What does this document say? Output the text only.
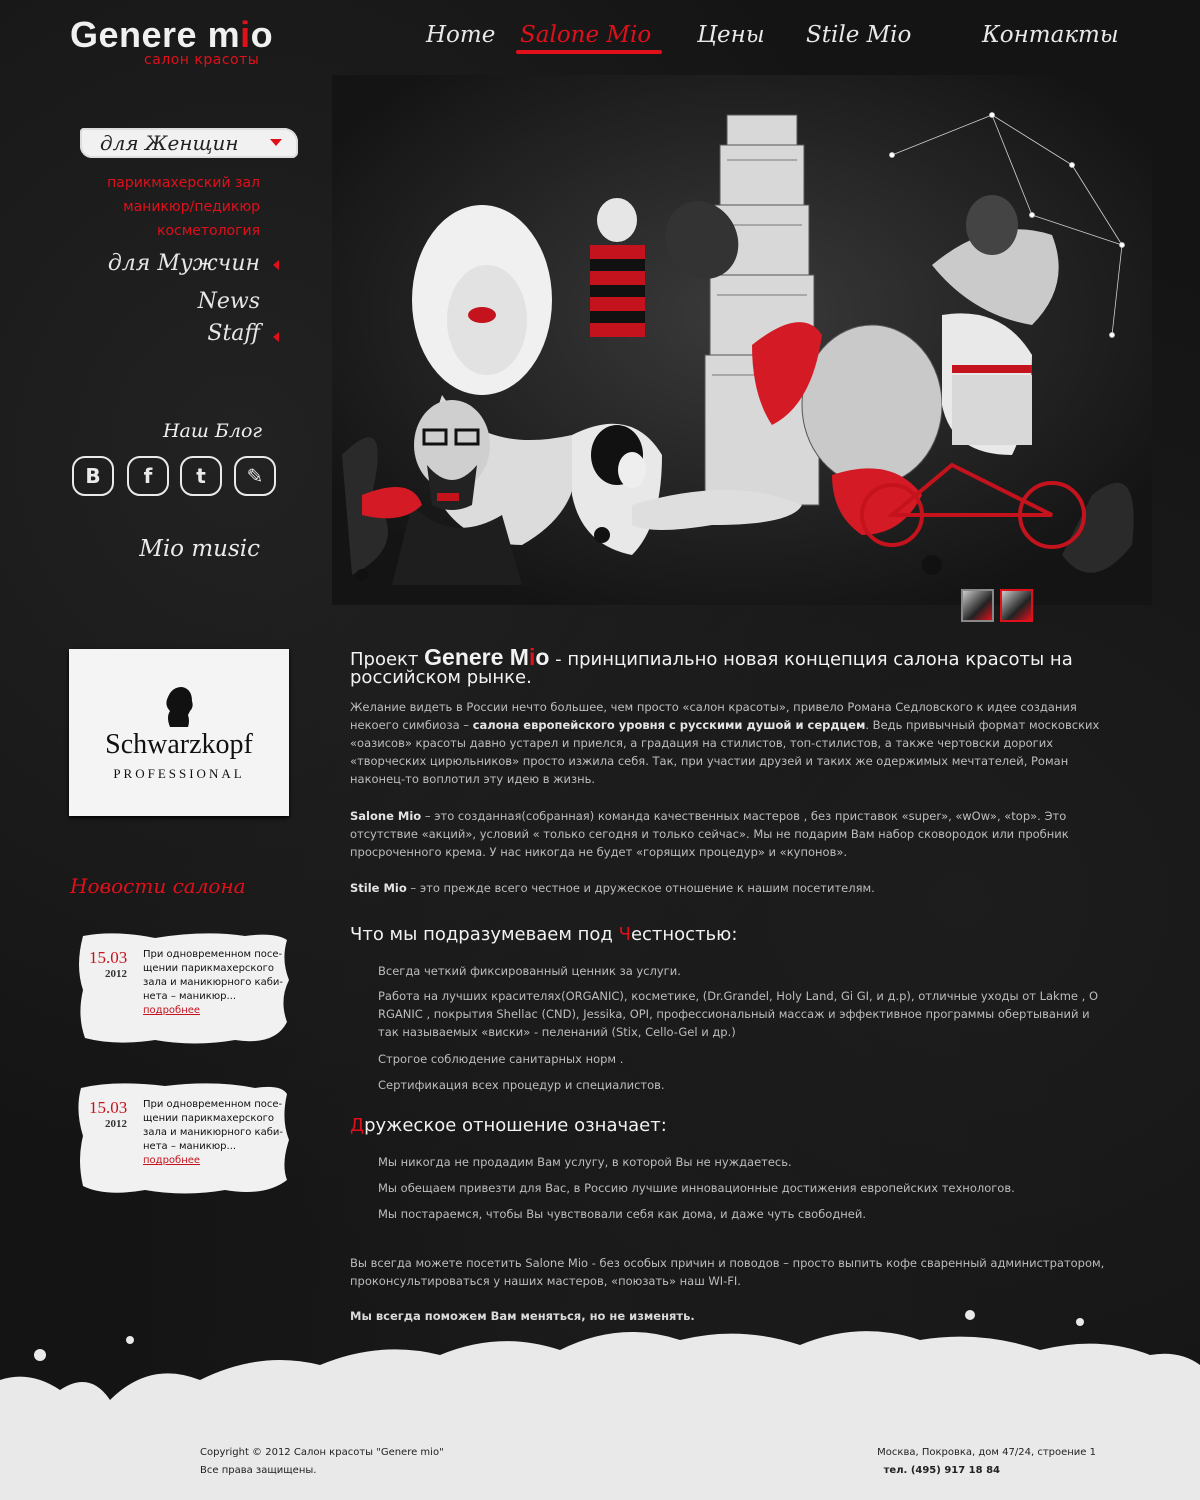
Generе mio
салон красоты
Home Salone Mio Цены Stile Mio	Контакты
для Женщин
парикмахерский зал
маникюр/педикюр
косметология
для Мужчин
News
Staff
Наш Блог
B	f	t	✎
Mio music
Schwarzkopf
PROFESSIONAL
Новости салона
15.03
2012
При одновременном посе-щении парикмахерского зала и маникюрного каби-нета – маникюр...
подробнее
15.03
2012
При одновременном посе-щении парикмахерского зала и маникюрного каби-нета – маникюр...
подробнее
Проект Genere Mio - принципиально новая концепция салона красоты на российском рынке.
Желание видеть в России нечто большее, чем просто «салон красоты», привело Романа Седловского к идее создания некоего симбиоза – салона европейского уровня с русскими душой и сердцем. Ведь привычный формат московских «оазисов» красоты давно устарел и приелся, а градация на стилистов, топ-стилистов, а также чертовски дорогих «творческих цирюльников» просто изжила себя. Так, при участии друзей и таких же одержимых мечтателей, Роман наконец-то воплотил эту идею в жизнь.
Salone Mio – это созданная(собранная) команда качественных мастеров , без приставок «super», «wOw», «top». Это отсутствие «акций», условий « только сегодня и только сейчас». Мы не подарим Вам набор сковородок или пробник просроченного крема. У нас никогда не будет «горящих процедур» и «купонов».
Stile Mio – это прежде всего честное и дружеское отношение к нашим посетителям.
Что мы подразумеваем под Честностью:
Всегда четкий фиксированный ценник за услуги.
Работа на лучших красителях(ORGANIC), косметике, (Dr.Grandel, Holy Land, Gi GI, и д.р), отличные уходы от Lakme , O RGANIC , покрытия Shellac (CND), Jessika, OPI, профессиональный массаж и эффективное программы обертываний и так называемых «виски» - пеленаний (Stix, Cello-Gel и др.)
Строгое соблюдение санитарных норм .
Сертификация всех процедур и специалистов.
Дружеское отношение означает:
Мы никогда не продадим Вам услугу, в которой Вы не нуждаетесь.
Мы обещаем привезти для Вас, в Россию лучшие инновационные достижения европейских технологов.
Мы постараемся, чтобы Вы чувствовали себя как дома, и даже чуть свободней.
Вы всегда можете посетить Salone Mio - без особых причин и поводов – просто выпить кофе сваренный администратором, проконсультироваться у наших мастеров, «поюзать» наш WI-FI.
Мы всегда поможем Вам меняться, но не изменять.
Copyright © 2012 Салон красоты "Genere mio"
Все права защищены.
Москва, Покровка, дом 47/24, строение 1
тел. (495) 917 18 84
